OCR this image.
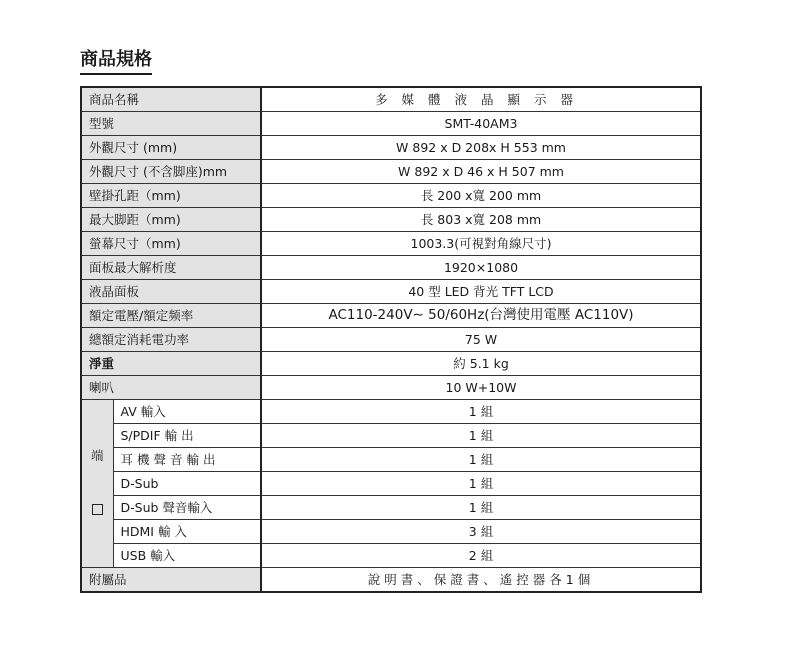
商品規格
商品名稱		多媒體液晶顯示器
型號		SMT-40AM3
外觀尺寸 (mm)		W 892 x D 208x H 553 mm
外觀尺寸 (不含脚座)mm		W 892 x D 46 x H 507 mm
壁掛孔距（mm)		長 200 x寬 200 mm
最大脚距（mm)		長 803 x寬 208 mm
螢幕尺寸（mm)		1003.3(可視對角線尺寸)
面板最大解析度		1920×1080
液晶面板		40 型 LED 背光 TFT LCD
額定電壓/額定频率		AC110-240V∼ 50/60Hz(台灣使用電壓 AC110V)
總額定消耗電功率		75 W
淨重		約 5.1 kg
喇叭		10 W+10W

端	AV 輸入	1 組
	S/PDIF 輸 出	1 組
	耳機聲音輸出	1 組
	D-Sub	1 組
	D-Sub 聲音輸入	1 組
	HDMI 輸 入	3 組
	USB 輸入	2 組
附屬品		說明書、保證書、遙控器各1個
